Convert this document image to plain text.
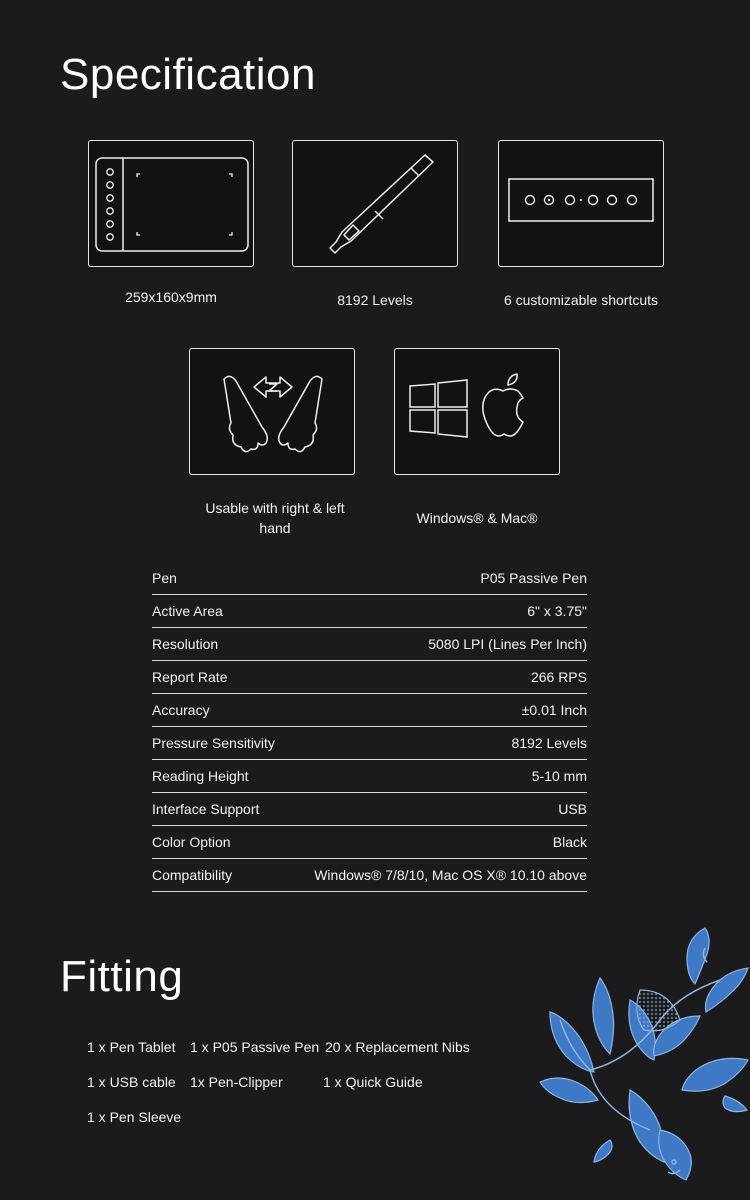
Specification
259x160x9mm	8192 Levels	6 customizable shortcuts
Usable with right & left hand
Windows® & Mac®
Pen	P05 Passive Pen
Active Area	6" x 3.75"
Resolution	5080 LPI (Lines Per Inch)
Report Rate	266 RPS
Accuracy	±0.01 Inch
Pressure Sensitivity	8192 Levels
Reading Height	5-10 mm
Interface Support	USB
Color Option	Black
Compatibility	Windows® 7/8/10, Mac OS X® 10.10 above
Fitting
1 x Pen Tablet 1 x P05 Passive Pen 20 x Replacement Nibs
1 x USB cable 1x Pen-Clipper	1 x Quick Guide
1 x Pen Sleeve
